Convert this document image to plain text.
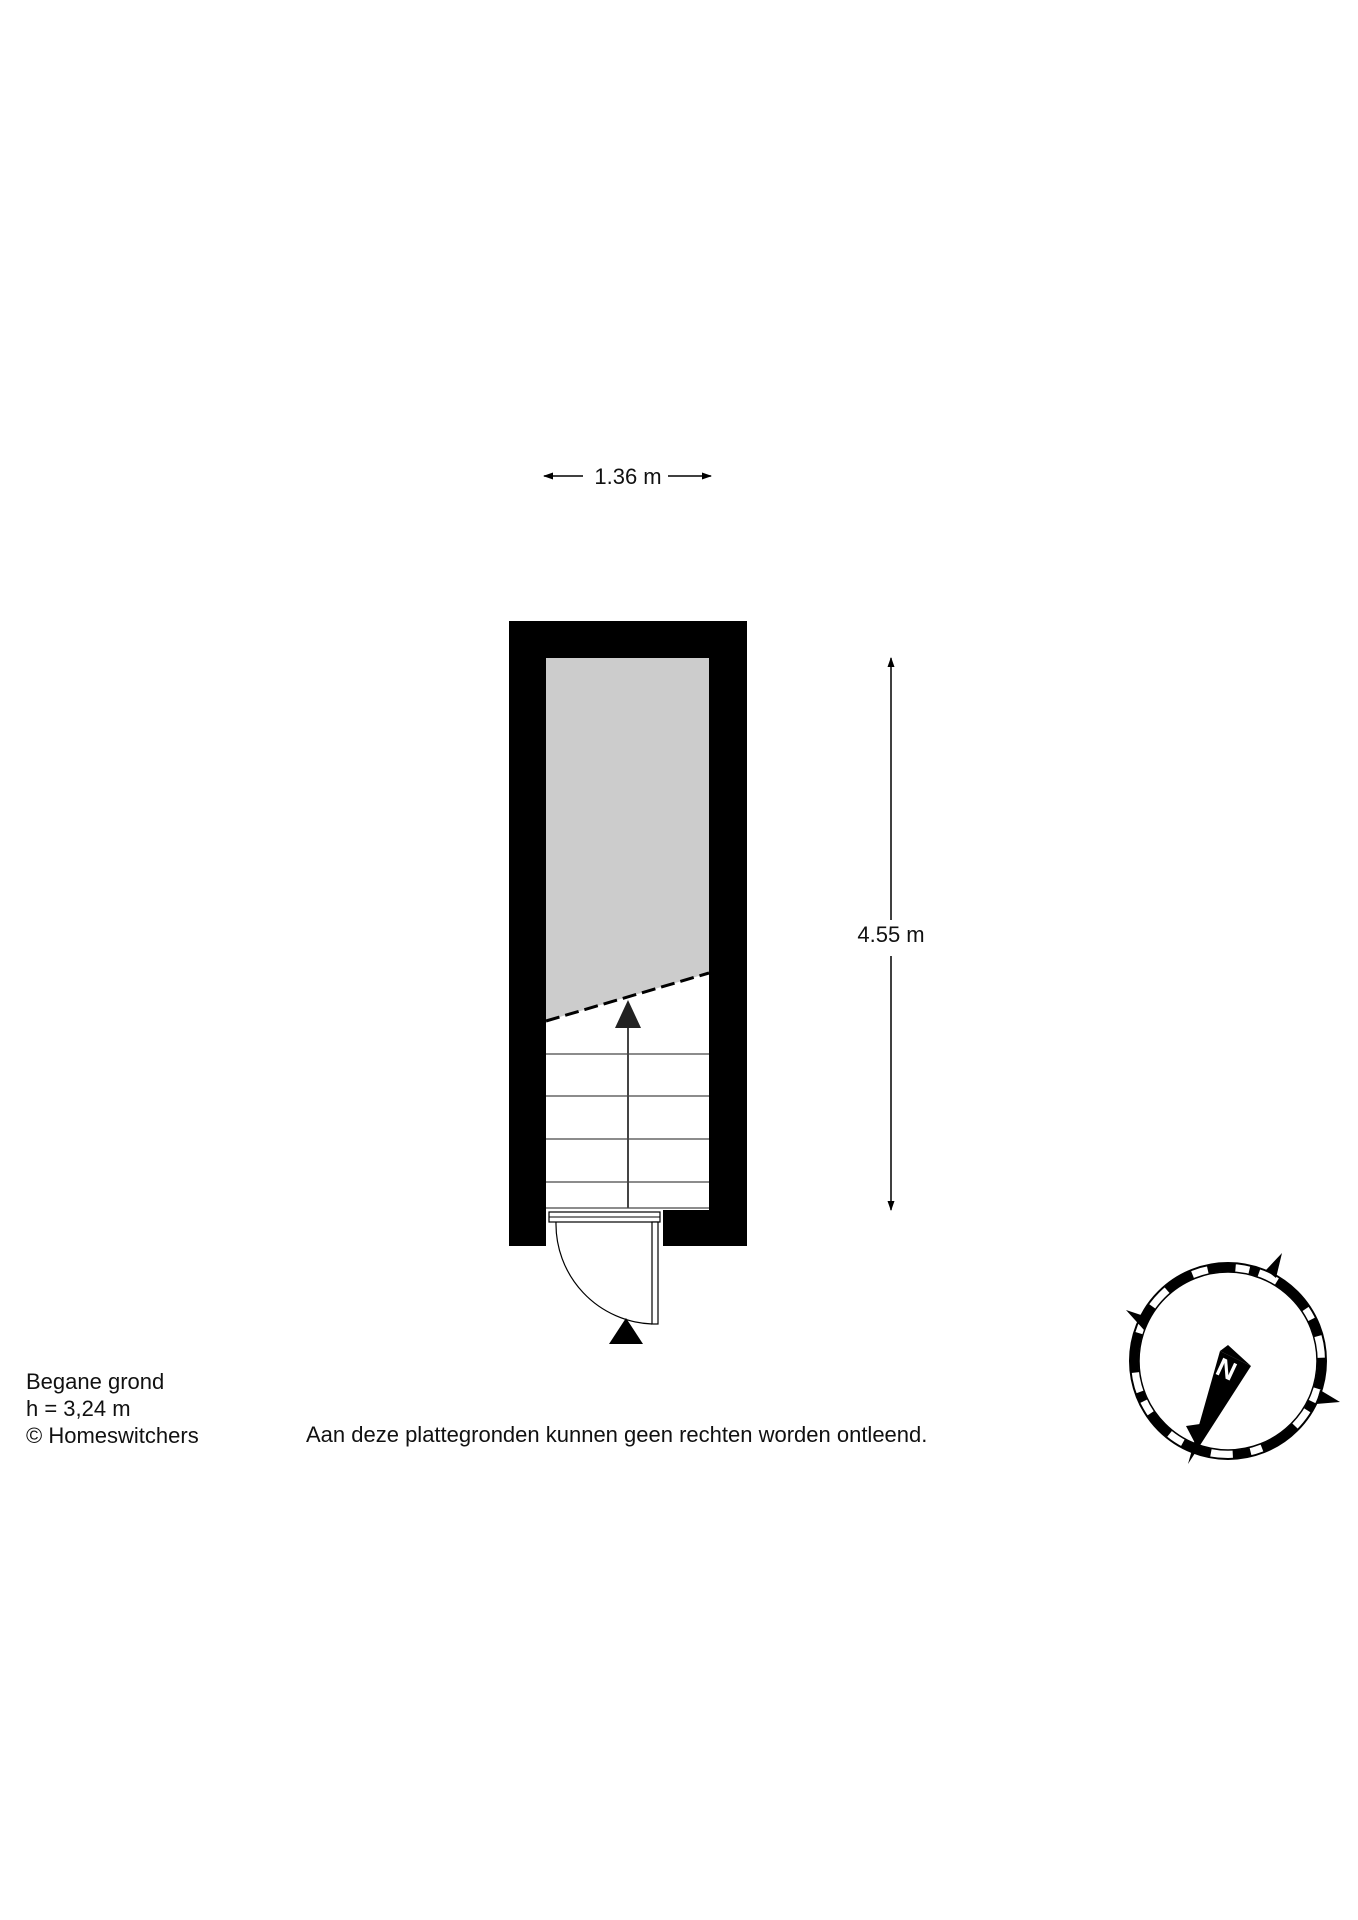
1.36 m
4.55 m
N
Begane grond
h = 3,24 m
© Homeswitchers	Aan deze plattegronden kunnen geen rechten worden ontleend.
